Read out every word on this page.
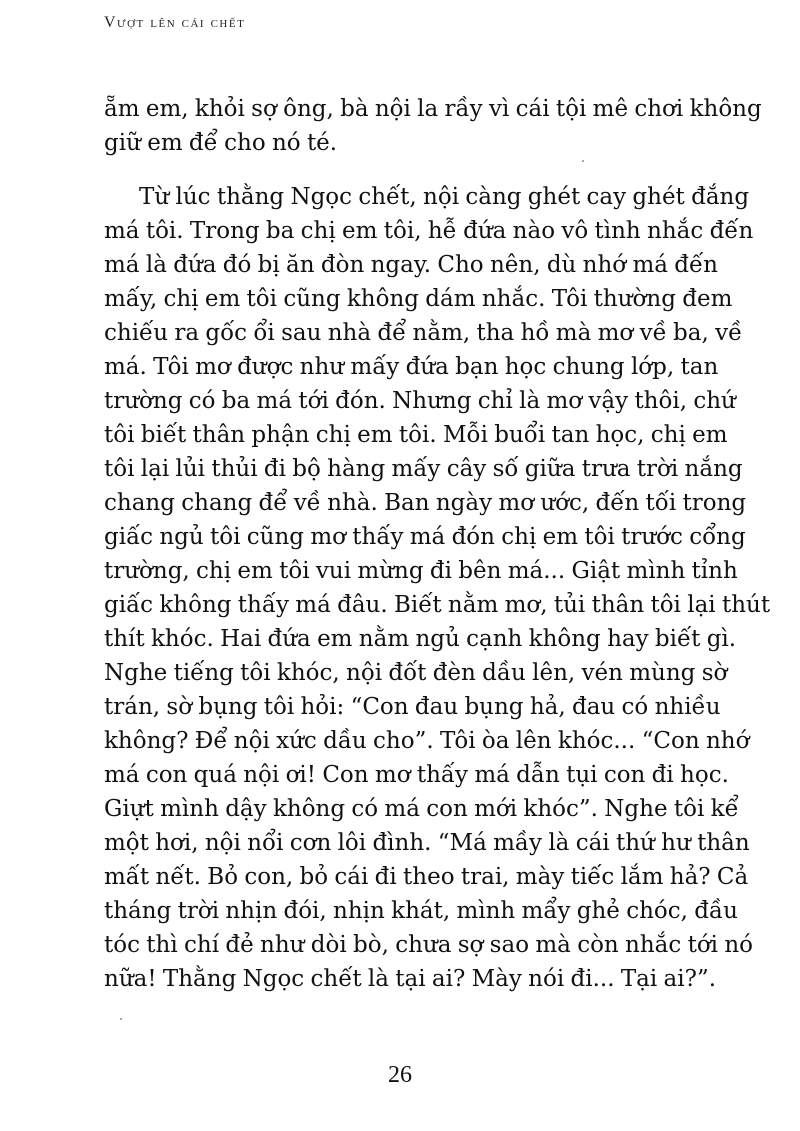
Vượt lên cái chết
ẵm em, khỏi sợ ông, bà nội la rầy vì cái tội mê chơi không
giữ em để cho nó té.
Từ lúc thằng Ngọc chết, nội càng ghét cay ghét đắng
má tôi. Trong ba chị em tôi, hễ đứa nào vô tình nhắc đến
má là đứa đó bị ăn đòn ngay. Cho nên, dù nhớ má đến
mấy, chị em tôi cũng không dám nhắc. Tôi thường đem
chiếu ra gốc ổi sau nhà để nằm, tha hồ mà mơ về ba, về
má. Tôi mơ được như mấy đứa bạn học chung lớp, tan
trường có ba má tới đón. Nhưng chỉ là mơ vậy thôi, chứ
tôi biết thân phận chị em tôi. Mỗi buổi tan học, chị em
tôi lại lủi thủi đi bộ hàng mấy cây số giữa trưa trời nắng
chang chang để về nhà. Ban ngày mơ ước, đến tối trong
giấc ngủ tôi cũng mơ thấy má đón chị em tôi trước cổng
trường, chị em tôi vui mừng đi bên má... Giật mình tỉnh
giấc không thấy má đâu. Biết nằm mơ, tủi thân tôi lại thút
thít khóc. Hai đứa em nằm ngủ cạnh không hay biết gì.
Nghe tiếng tôi khóc, nội đốt đèn dầu lên, vén mùng sờ
trán, sờ bụng tôi hỏi: “Con đau bụng hả, đau có nhiều
không? Để nội xức dầu cho”. Tôi òa lên khóc... “Con nhớ
má con quá nội ơi! Con mơ thấy má dẫn tụi con đi học.
Giựt mình dậy không có má con mới khóc”. Nghe tôi kể
một hơi, nội nổi cơn lôi đình. “Má mầy là cái thứ hư thân
mất nết. Bỏ con, bỏ cái đi theo trai, mày tiếc lắm hả? Cả
tháng trời nhịn đói, nhịn khát, mình mẩy ghẻ chóc, đầu
tóc thì chí đẻ như dòi bò, chưa sợ sao mà còn nhắc tới nó
nữa! Thằng Ngọc chết là tại ai? Mày nói đi... Tại ai?”.
26
